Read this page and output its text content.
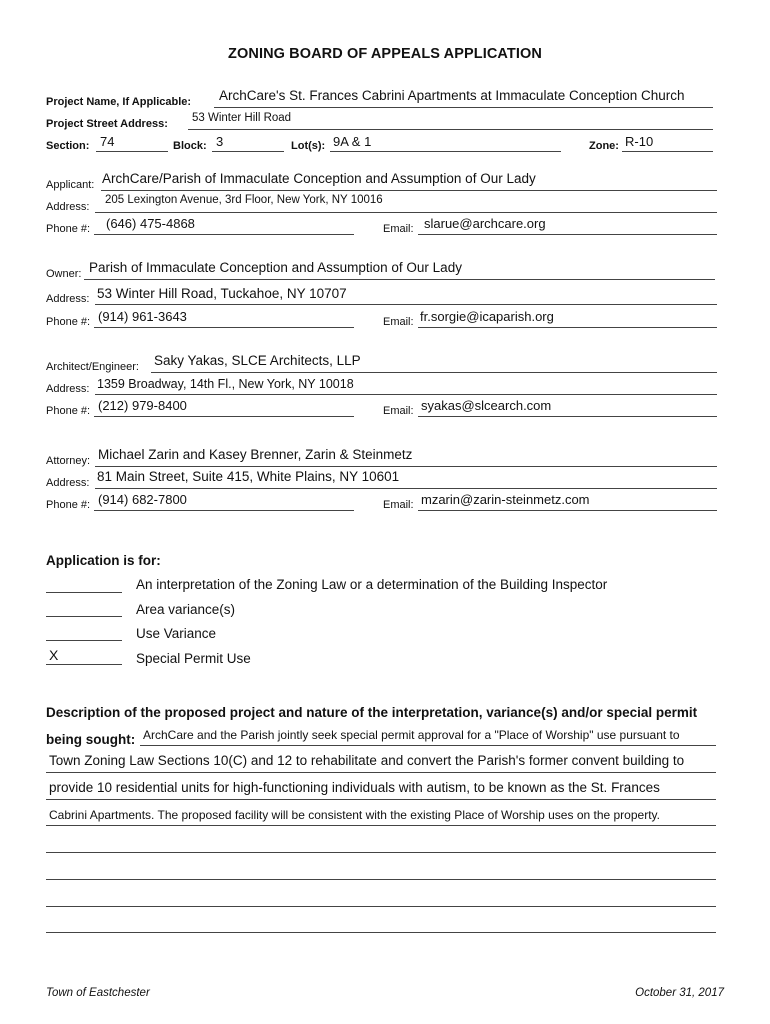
ZONING BOARD OF APPEALS APPLICATION
Project Name, If Applicable: ArchCare's St. Frances Cabrini Apartments at Immaculate Conception Church
Project Street Address: 53 Winter Hill Road
Section: 74	Block: 3	Lot(s): 9A & 1	Zone: R-10
Applicant: ArchCare/Parish of Immaculate Conception and Assumption of Our Lady
Address:
205 Lexington Avenue, 3rd Floor, New York, NY 10016
Phone #: (646) 475-4868	Email: slarue@archcare.org
Owner: Parish of Immaculate Conception and Assumption of Our Lady
Address: 53 Winter Hill Road, Tuckahoe, NY 10707
Phone #: (914) 961-3643	Email: fr.sorgie@icaparish.org
Architect/Engineer: Saky Yakas, SLCE Architects, LLP
Address: 1359 Broadway, 14th Fl., New York, NY 10018
Phone #: (212) 979-8400	Email: syakas@slcearch.com
Attorney: Michael Zarin and Kasey Brenner, Zarin & Steinmetz
Address: 81 Main Street, Suite 415, White Plains, NY 10601
Phone #: (914) 682-7800	Email: mzarin@zarin-steinmetz.com
Application is for:
An interpretation of the Zoning Law or a determination of the Building Inspector
Area variance(s)
Use Variance
X	Special Permit Use
Description of the proposed project and nature of the interpretation, variance(s) and/or special permit
being sought: ArchCare and the Parish jointly seek special permit approval for a "Place of Worship" use pursuant to
Town Zoning Law Sections 10(C) and 12 to rehabilitate and convert the Parish's former convent building to
provide 10 residential units for high-functioning individuals with autism, to be known as the St. Frances
Cabrini Apartments. The proposed facility will be consistent with the existing Place of Worship uses on the property.
Town of Eastchester	October 31, 2017
